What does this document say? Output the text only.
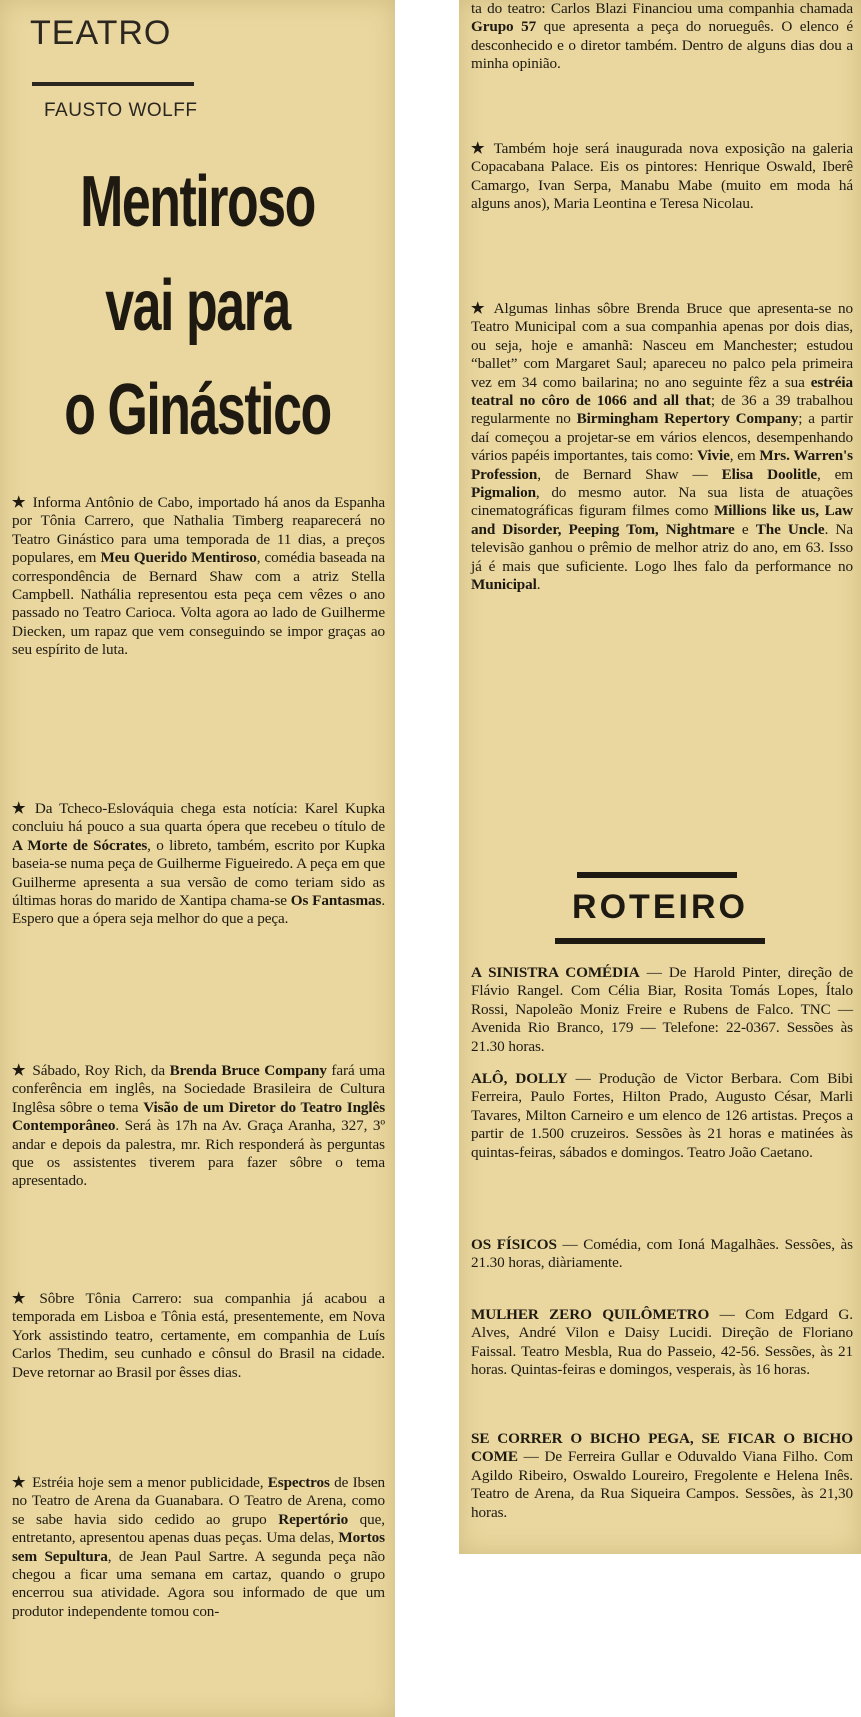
TEATRO
FAUSTO WOLFF
Mentiroso
vai para
o Ginástico
★ Informa Antônio de Cabo, importado há anos da Espanha por Tônia Carrero, que Nathalia Timberg reaparecerá no Teatro Ginástico para uma temporada de 11 dias, a preços populares, em Meu Querido Mentiroso, comédia baseada na correspondência de Bernard Shaw com a atriz Stella Campbell. Nathália representou esta peça cem vêzes o ano passado no Teatro Carioca. Volta agora ao lado de Guilherme Diecken, um rapaz que vem conseguindo se impor graças ao seu espírito de luta.
★ Da Tcheco-Eslováquia chega esta notícia: Karel Kupka concluiu há pouco a sua quarta ópera que recebeu o título de A Morte de Sócrates, o libreto, também, escrito por Kupka baseia-se numa peça de Guilherme Figueiredo. A peça em que Guilherme apresenta a sua versão de como teriam sido as últimas horas do marido de Xantipa chama-se Os Fantasmas. Espero que a ópera seja melhor do que a peça.
★ Sábado, Roy Rich, da Brenda Bruce Company fará uma conferência em inglês, na Sociedade Brasileira de Cultura Inglêsa sôbre o tema Visão de um Diretor do Teatro Inglês Contemporâneo. Será às 17h na Av. Graça Aranha, 327, 3º andar e depois da palestra, mr. Rich responderá às perguntas que os assistentes tiverem para fazer sôbre o tema apresentado.
★ Sôbre Tônia Carrero: sua companhia já acabou a temporada em Lisboa e Tônia está, presentemente, em Nova York assistindo teatro, certamente, em companhia de Luís Carlos Thedim, seu cunhado e cônsul do Brasil na cidade. Deve retornar ao Brasil por êsses dias.
★ Estréia hoje sem a menor publicidade, Espectros de Ibsen no Teatro de Arena da Guanabara. O Teatro de Arena, como se sabe havia sido cedido ao grupo Repertório que, entretanto, apresentou apenas duas peças. Uma delas, Mortos sem Sepultura, de Jean Paul Sartre. A segunda peça não chegou a ficar uma semana em cartaz, quando o grupo encerrou sua atividade. Agora sou informado de que um produtor independente tomou con-
ta do teatro: Carlos Blazi Financiou uma companhia chamada Grupo 57 que apresenta a peça do norueguês. O elenco é desconhecido e o diretor também. Dentro de alguns dias dou a minha opinião.
★ Também hoje será inaugurada nova exposição na galeria Copacabana Palace. Eis os pintores: Henrique Oswald, Iberê Camargo, Ivan Serpa, Manabu Mabe (muito em moda há alguns anos), Maria Leontina e Teresa Nicolau.
★ Algumas linhas sôbre Brenda Bruce que apresenta-se no Teatro Municipal com a sua companhia apenas por dois dias, ou seja, hoje e amanhã: Nasceu em Manchester; estudou “ballet” com Margaret Saul; apareceu no palco pela primeira vez em 34 como bailarina; no ano seguinte fêz a sua estréia teatral no côro de 1066 and all that; de 36 a 39 trabalhou regularmente no Birmingham Repertory Company; a partir daí começou a projetar-se em vários elencos, desempenhando vários papéis importantes, tais como: Vivie, em Mrs. Warren's Profession, de Bernard Shaw — Elisa Doolitle, em Pigmalion, do mesmo autor. Na sua lista de atuações cinematográficas figuram filmes como Millions like us, Law and Disorder, Peeping Tom, Nightmare e The Uncle. Na televisão ganhou o prêmio de melhor atriz do ano, em 63. Isso já é mais que suficiente. Logo lhes falo da performance no Municipal.
ROTEIRO
A SINISTRA COMÉDIA — De Harold Pinter, direção de Flávio Rangel. Com Célia Biar, Rosita Tomás Lopes, Ítalo Rossi, Napoleão Moniz Freire e Rubens de Falco. TNC — Avenida Rio Branco, 179 — Telefone: 22-0367. Sessões às 21.30 horas.
ALÔ, DOLLY — Produção de Victor Berbara. Com Bibi Ferreira, Paulo Fortes, Hilton Prado, Augusto César, Marli Tavares, Milton Carneiro e um elenco de 126 artistas. Preços a partir de 1.500 cruzeiros. Sessões às 21 horas e matinées às quintas-feiras, sábados e domingos. Teatro João Caetano.
OS FÍSICOS — Comédia, com Ioná Magalhães. Sessões, às 21.30 horas, diàriamente.
MULHER ZERO QUILÔMETRO — Com Edgard G. Alves, André Vilon e Daisy Lucidi. Direção de Floriano Faissal. Teatro Mesbla, Rua do Passeio, 42-56. Sessões, às 21 horas. Quintas-feiras e domingos, vesperais, às 16 horas.
SE CORRER O BICHO PEGA, SE FICAR O BICHO COME — De Ferreira Gullar e Oduvaldo Viana Filho. Com Agildo Ribeiro, Oswaldo Loureiro, Fregolente e Helena Inês. Teatro de Arena, da Rua Siqueira Campos. Sessões, às 21,30 horas.
